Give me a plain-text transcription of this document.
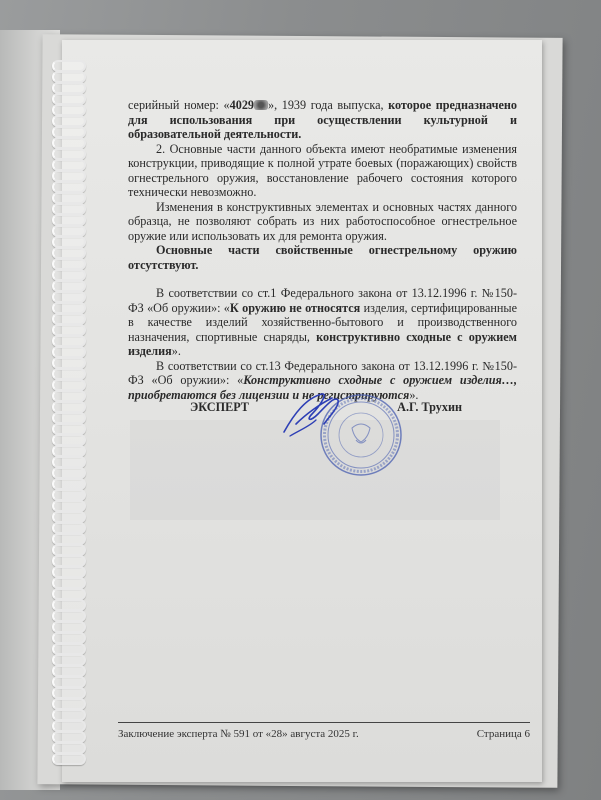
серийный номер: «4029 », 1939 года выпуска, которое предназначено для использования при осуществлении культурной и образовательной деятельности.

2. Основные части данного объекта имеют необратимые изменения конструкции, приводящие к полной утрате боевых (поражающих) свойств огнестрельного оружия, восстановление рабочего состояния которого технически невозможно.

Изменения в конструктивных элементах и основных частях данного образца, не позволяют собрать из них работоспособное огнестрельное оружие или использовать их для ремонта оружия.

Основные части свойственные огнестрельному оружию отсутствуют.

В соответствии со ст.1 Федерального закона от 13.12.1996 г. №150-ФЗ «Об оружии»: «К оружию не относятся изделия, сертифицированные в качестве изделий хозяйственно-бытового и производственного назначения, спортивные снаряды, конструктивно сходные с оружием изделия».

В соответствии со ст.13 Федерального закона от 13.12.1996 г. №150-ФЗ «Об оружии»: «Конструктивно сходные с оружием изделия…, приобретаются без лицензии и не регистрируются».

ЭКСПЕРТ	А.Г. Трухин
Заключение эксперта № 591 от «28» августа 2025 г.	Страница 6
